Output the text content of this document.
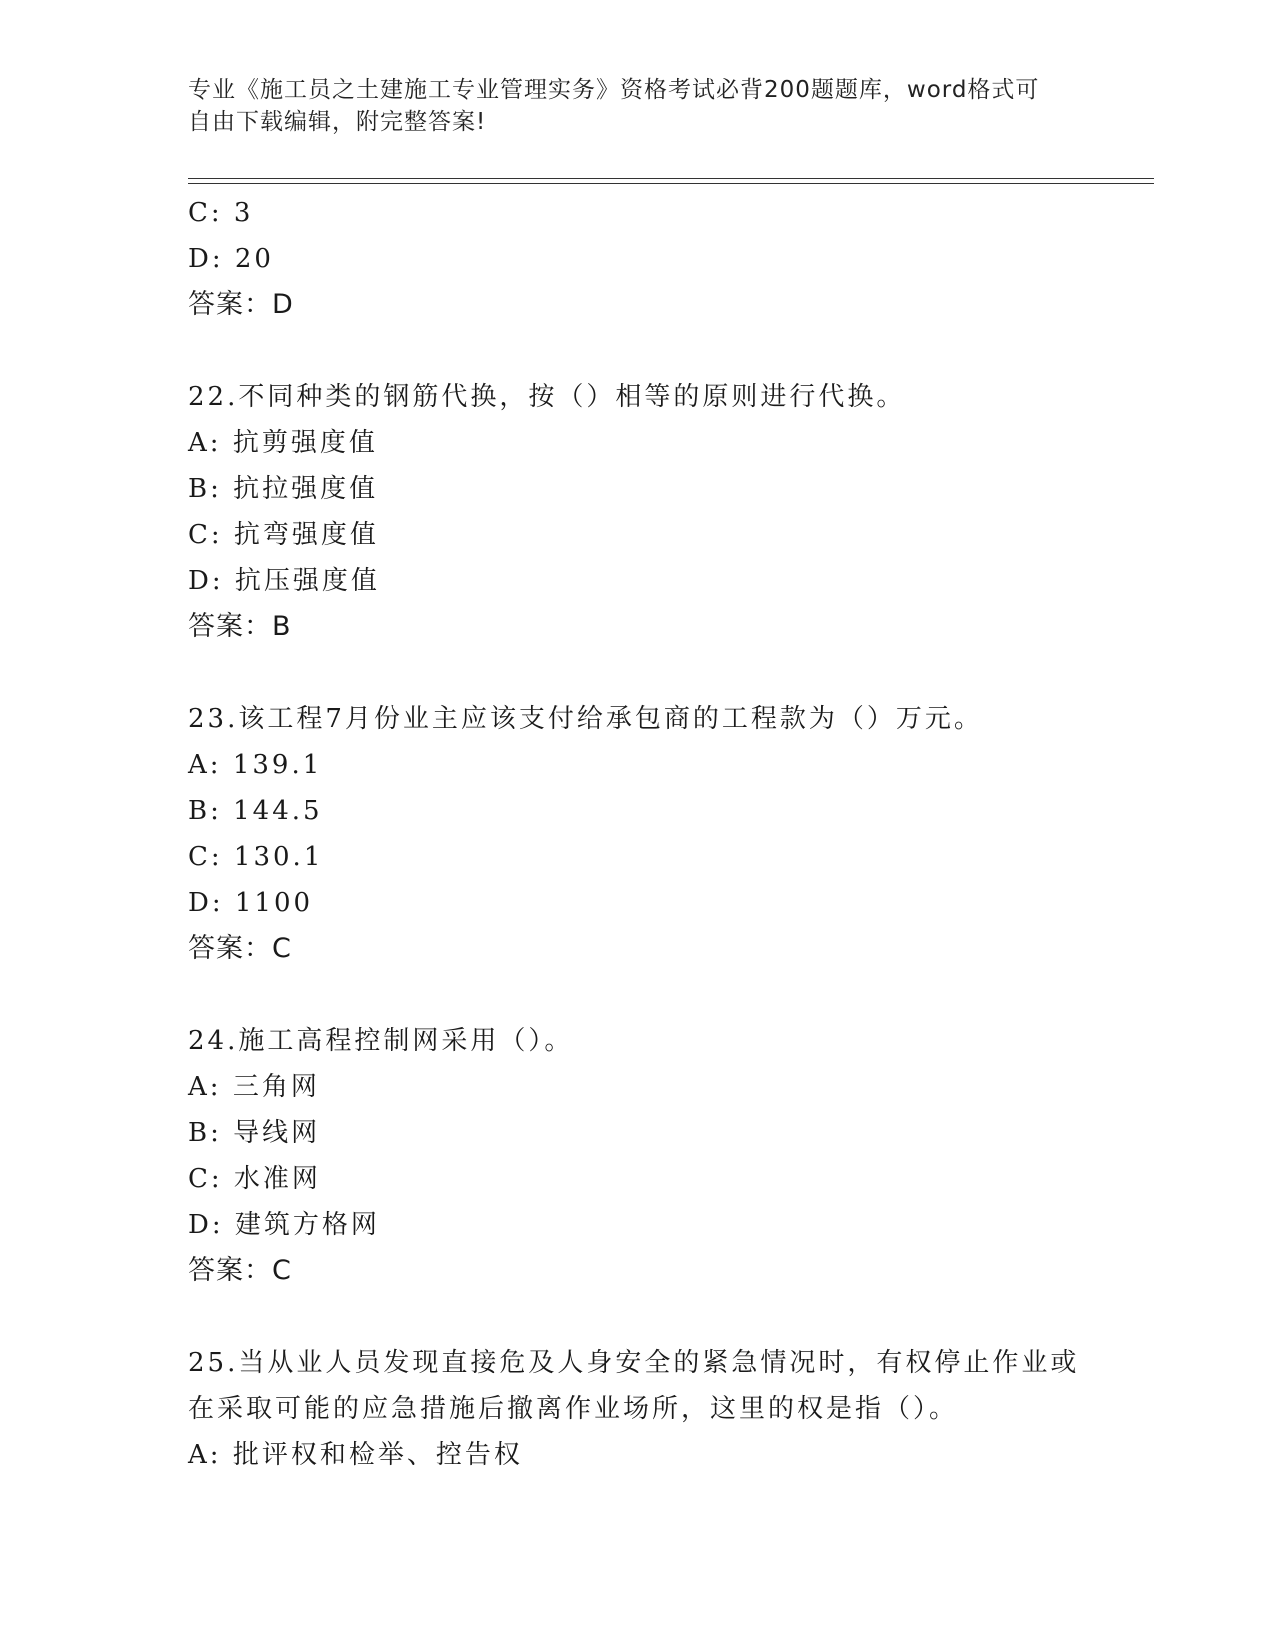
专业《施工员之土建施工专业管理实务》资格考试必背200题题库，word格式可
自由下载编辑，附完整答案!
C: 3
D: 20
答案：D
22.不同种类的钢筋代换，按（）相等的原则进行代换。
A: 抗剪强度值
B: 抗拉强度值
C: 抗弯强度值
D: 抗压强度值
答案：B
23.该工程7月份业主应该支付给承包商的工程款为（）万元。
A: 139.1
B: 144.5
C: 130.1
D: 1100
答案：C
24.施工高程控制网采用（）。
A: 三角网
B: 导线网
C: 水准网
D: 建筑方格网
答案：C
25.当从业人员发现直接危及人身安全的紧急情况时，有权停止作业或
在采取可能的应急措施后撤离作业场所，这里的权是指（）。
A: 批评权和检举、控告权
